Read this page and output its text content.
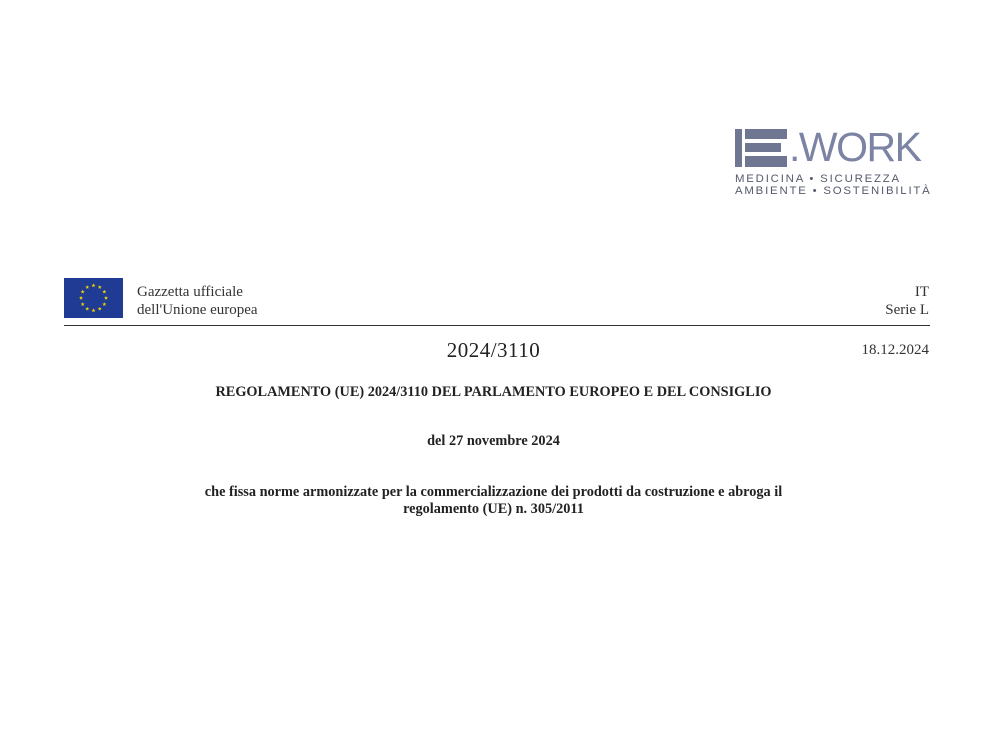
.WORK
MEDICINA • SICUREZZA
AMBIENTE • SOSTENIBILITÀ
Gazzetta ufficiale
dell'Unione europea
IT
Serie L
2024/3110	18.12.2024
REGOLAMENTO (UE) 2024/3110 DEL PARLAMENTO EUROPEO E DEL CONSIGLIO
del 27 novembre 2024
che fissa norme armonizzate per la commercializzazione dei prodotti da costruzione e abroga il
regolamento (UE) n. 305/2011
